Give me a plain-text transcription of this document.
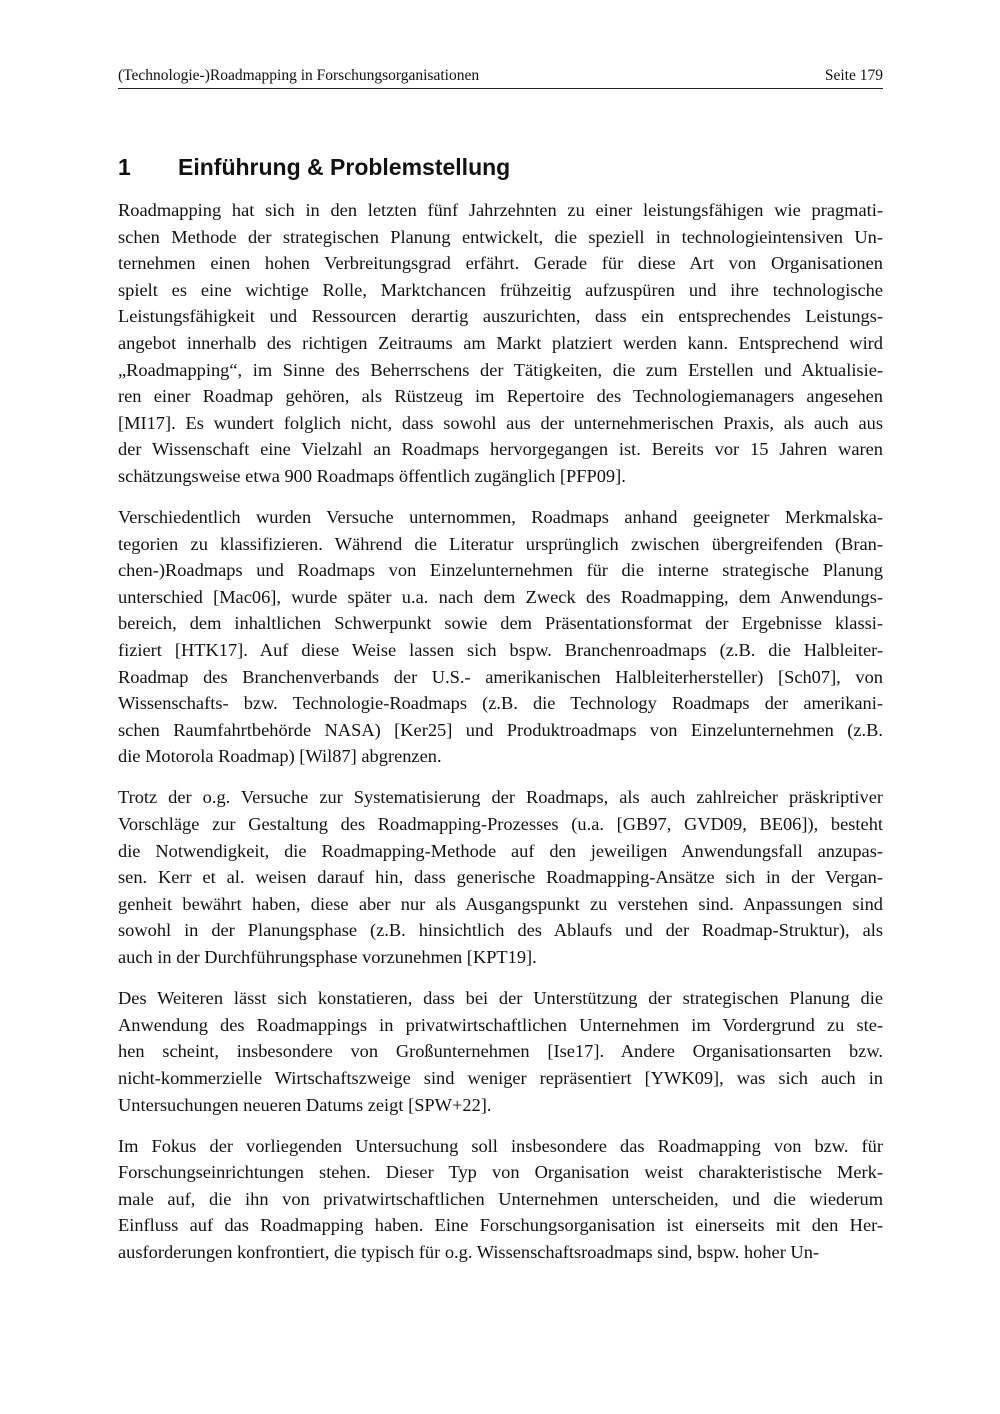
(Technologie-)Roadmapping in Forschungsorganisationen	Seite 179
1 Einführung & Problemstellung

Roadmapping hat sich in den letzten fünf Jahrzehnten zu einer leistungsfähigen wie pragmati-
schen Methode der strategischen Planung entwickelt, die speziell in technologieintensiven Un-
ternehmen einen hohen Verbreitungsgrad erfährt. Gerade für diese Art von Organisationen
spielt es eine wichtige Rolle, Marktchancen frühzeitig aufzuspüren und ihre technologische
Leistungsfähigkeit und Ressourcen derartig auszurichten, dass ein entsprechendes Leistungs-
angebot innerhalb des richtigen Zeitraums am Markt platziert werden kann. Entsprechend wird
„Roadmapping“, im Sinne des Beherrschens der Tätigkeiten, die zum Erstellen und Aktualisie-
ren einer Roadmap gehören, als Rüstzeug im Repertoire des Technologiemanagers angesehen
[MI17]. Es wundert folglich nicht, dass sowohl aus der unternehmerischen Praxis, als auch aus
der Wissenschaft eine Vielzahl an Roadmaps hervorgegangen ist. Bereits vor 15 Jahren waren
schätzungsweise etwa 900 Roadmaps öffentlich zugänglich [PFP09].

Verschiedentlich wurden Versuche unternommen, Roadmaps anhand geeigneter Merkmalska-
tegorien zu klassifizieren. Während die Literatur ursprünglich zwischen übergreifenden (Bran-
chen-)Roadmaps und Roadmaps von Einzelunternehmen für die interne strategische Planung
unterschied [Mac06], wurde später u.a. nach dem Zweck des Roadmapping, dem Anwendungs-
bereich, dem inhaltlichen Schwerpunkt sowie dem Präsentationsformat der Ergebnisse klassi-
fiziert [HTK17]. Auf diese Weise lassen sich bspw. Branchenroadmaps (z.B. die Halbleiter-
Roadmap des Branchenverbands der U.S.- amerikanischen Halbleiterhersteller) [Sch07], von
Wissenschafts- bzw. Technologie-Roadmaps (z.B. die Technology Roadmaps der amerikani-
schen Raumfahrtbehörde NASA) [Ker25] und Produktroadmaps von Einzelunternehmen (z.B.
die Motorola Roadmap) [Wil87] abgrenzen.

Trotz der o.g. Versuche zur Systematisierung der Roadmaps, als auch zahlreicher präskriptiver
Vorschläge zur Gestaltung des Roadmapping-Prozesses (u.a. [GB97, GVD09, BE06]), besteht
die Notwendigkeit, die Roadmapping-Methode auf den jeweiligen Anwendungsfall anzupas-
sen. Kerr et al. weisen darauf hin, dass generische Roadmapping-Ansätze sich in der Vergan-
genheit bewährt haben, diese aber nur als Ausgangspunkt zu verstehen sind. Anpassungen sind
sowohl in der Planungsphase (z.B. hinsichtlich des Ablaufs und der Roadmap-Struktur), als
auch in der Durchführungsphase vorzunehmen [KPT19].

Des Weiteren lässt sich konstatieren, dass bei der Unterstützung der strategischen Planung die
Anwendung des Roadmappings in privatwirtschaftlichen Unternehmen im Vordergrund zu ste-
hen scheint, insbesondere von Großunternehmen [Ise17]. Andere Organisationsarten bzw.
nicht-kommerzielle Wirtschaftszweige sind weniger repräsentiert [YWK09], was sich auch in
Untersuchungen neueren Datums zeigt [SPW+22].

Im Fokus der vorliegenden Untersuchung soll insbesondere das Roadmapping von bzw. für
Forschungseinrichtungen stehen. Dieser Typ von Organisation weist charakteristische Merk-
male auf, die ihn von privatwirtschaftlichen Unternehmen unterscheiden, und die wiederum
Einfluss auf das Roadmapping haben. Eine Forschungsorganisation ist einerseits mit den Her-
ausforderungen konfrontiert, die typisch für o.g. Wissenschaftsroadmaps sind, bspw. hoher Un-
